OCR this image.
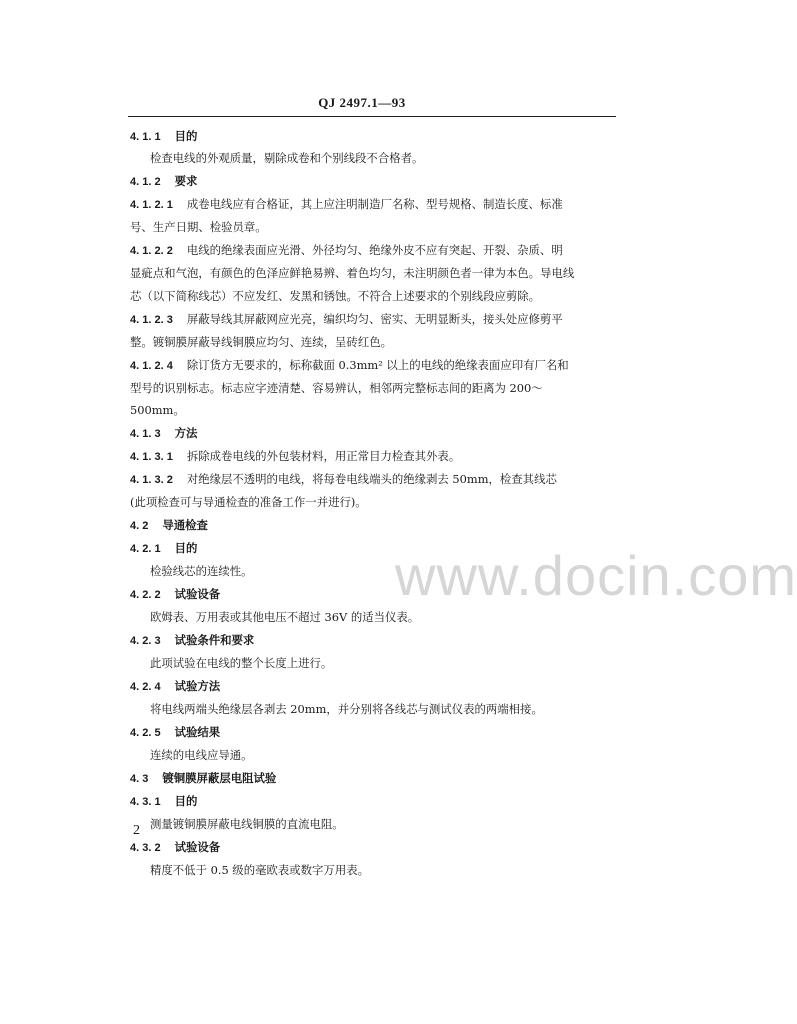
www.docin.com
QJ 2497.1—93
4. 1. 1 目的
检查电线的外观质量，剔除成卷和个别线段不合格者。
4. 1. 2 要求
4. 1. 2. 1 成卷电线应有合格证，其上应注明制造厂名称、型号规格、制造长度、标准
号、生产日期、检验员章。
4. 1. 2. 2 电线的绝缘表面应光滑、外径均匀、绝缘外皮不应有突起、开裂、杂质、明
显疵点和气泡，有颜色的色泽应鲜艳易辨、着色均匀，未注明颜色者一律为本色。导电线
芯（以下简称线芯）不应发红、发黑和锈蚀。不符合上述要求的个别线段应剪除。
4. 1. 2. 3 屏蔽导线其屏蔽网应光亮，编织均匀、密实、无明显断头，接头处应修剪平
整。镀铜膜屏蔽导线铜膜应均匀、连续，呈砖红色。
4. 1. 2. 4 除订货方无要求的，标称截面 0.3mm² 以上的电线的绝缘表面应印有厂名和
型号的识别标志。标志应字迹清楚、容易辨认，相邻两完整标志间的距离为 200～
500mm。
4. 1. 3 方法
4. 1. 3. 1 拆除成卷电线的外包装材料，用正常目力检查其外表。
4. 1. 3. 2 对绝缘层不透明的电线，将每卷电线端头的绝缘剥去 50mm，检查其线芯
(此项检查可与导通检查的准备工作一并进行)。
4. 2 导通检查
4. 2. 1 目的
检验线芯的连续性。
4. 2. 2 试验设备
欧姆表、万用表或其他电压不超过 36V 的适当仪表。
4. 2. 3 试验条件和要求
此项试验在电线的整个长度上进行。
4. 2. 4 试验方法
将电线两端头绝缘层各剥去 20mm，并分别将各线芯与测试仪表的两端相接。
4. 2. 5 试验结果
连续的电线应导通。
4. 3 镀铜膜屏蔽层电阻试验
4. 3. 1 目的
测量镀铜膜屏蔽电线铜膜的直流电阻。
4. 3. 2 试验设备
精度不低于 0.5 级的毫欧表或数字万用表。
2
